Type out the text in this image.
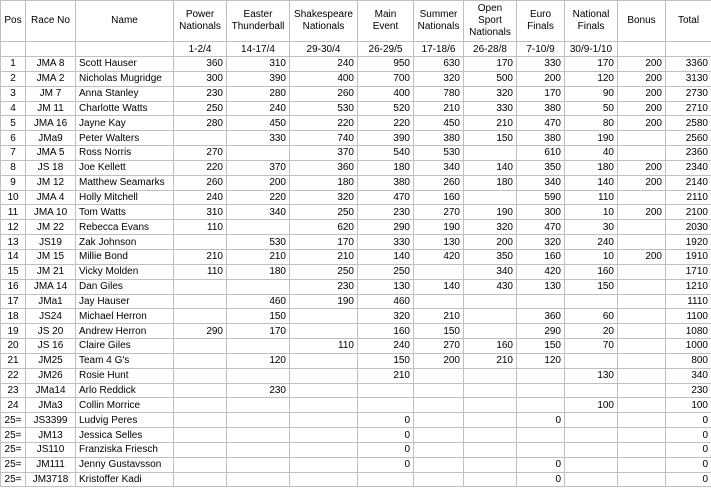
Pos	Race No	Name	Power Nationals	Easter Thunderball	Shakespeare Nationals	Main Event	Summer Nationals	Open Sport Nationals	Euro Finals	National Finals	Bonus	Total
			1-2/4	14-17/4	29-30/4	26-29/5	17-18/6	26-28/8	7-10/9	30/9-1/10		
1	JMA 8	Scott Hauser	360	310	240	950	630	170	330	170	200	3360
2	JMA 2	Nicholas Mugridge	300	390	400	700	320	500	200	120	200	3130
3	JM 7	Anna Stanley	230	280	260	400	780	320	170	90	200	2730
4	JM 11	Charlotte Watts	250	240	530	520	210	330	380	50	200	2710
5	JMA 16	Jayne Kay	280	450	220	220	450	210	470	80	200	2580
6	JMa9	Peter Walters		330	740	390	380	150	380	190		2560
7	JMA 5	Ross Norris	270		370	540	530		610	40		2360
8	JS 18	Joe Kellett	220	370	360	180	340	140	350	180	200	2340
9	JM 12	Matthew Seamarks	260	200	180	380	260	180	340	140	200	2140
10	JMA 4	Holly Mitchell	240	220	320	470	160		590	110		2110
11	JMA 10	Tom Watts	310	340	250	230	270	190	300	10	200	2100
12	JM 22	Rebecca Evans	110		620	290	190	320	470	30		2030
13	JS19	Zak Johnson		530	170	330	130	200	320	240		1920
14	JM 15	Millie Bond	210	210	210	140	420	350	160	10	200	1910
15	JM 21	Vicky Molden	110	180	250	250		340	420	160		1710
16	JMA 14	Dan Giles			230	130	140	430	130	150		1210
17	JMa1	Jay Hauser		460	190	460						1110
18	JS24	Michael Herron		150		320	210		360	60		1100
19	JS 20	Andrew Herron	290	170		160	150		290	20		1080
20	JS 16	Claire Giles			110	240	270	160	150	70		1000
21	JM25	Team 4 G's		120		150	200	210	120			800
22	JM26	Rosie Hunt				210				130		340
23	JMa14	Arlo Reddick		230								230
24	JMa3	Collin Morrice								100		100
25=	JS3399	Ludvig Peres				0			0			0
25=	JM13	Jessica Selles				0						0
25=	JS110	Franziska Friesch				0						0
25=	JM111	Jenny Gustavsson				0			0			0
25=	JM3718	Kristoffer Kadi							0			0
